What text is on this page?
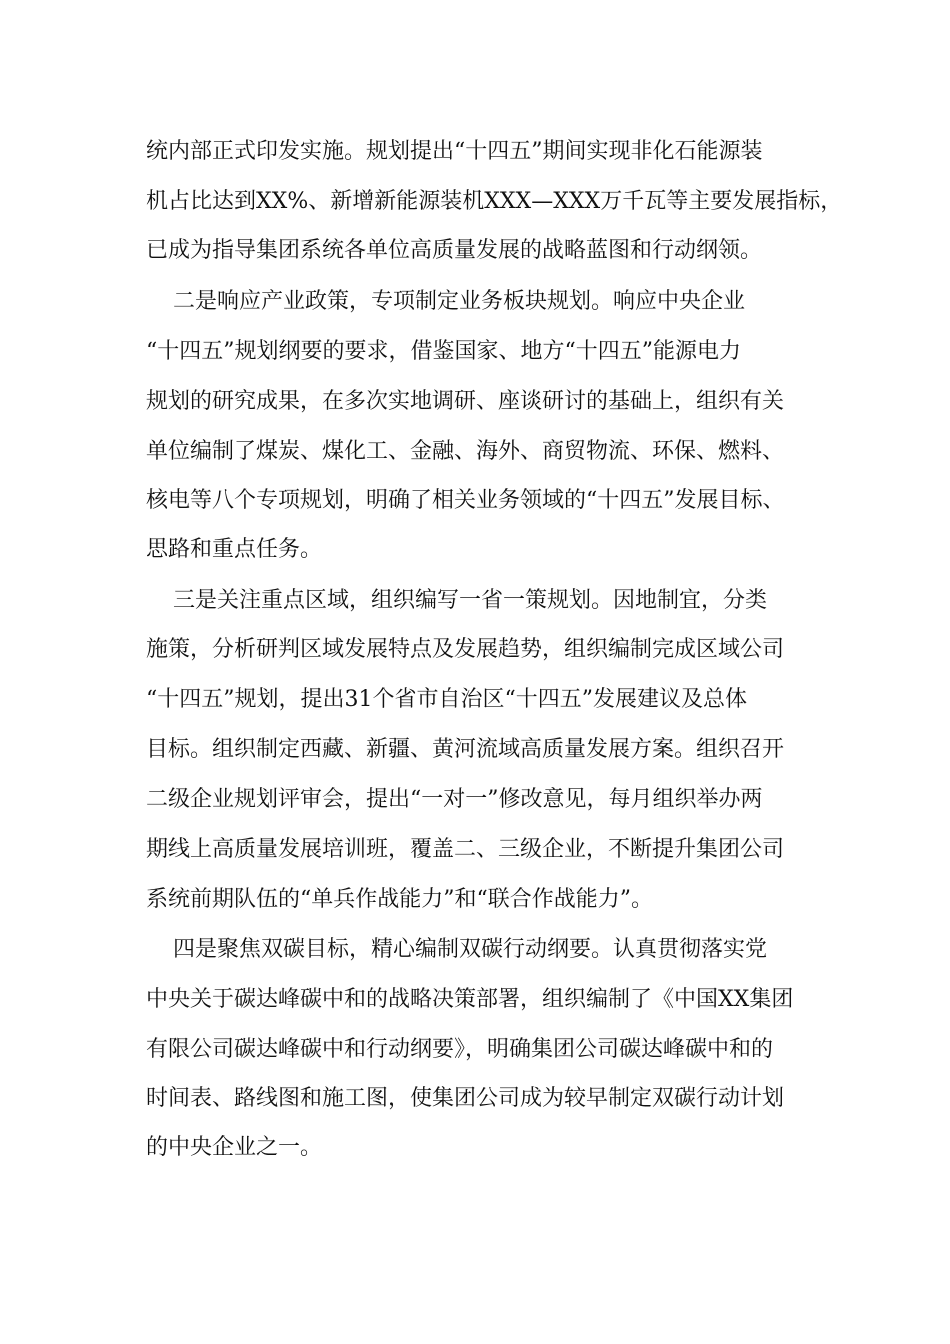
统内部正式印发实施。规划提出“十四五”期间实现非化石能源装
机占比达到XX%、新增新能源装机XXX—XXX万千瓦等主要发展指标，
已成为指导集团系统各单位高质量发展的战略蓝图和行动纲领。
二是响应产业政策，专项制定业务板块规划。响应中央企业
“十四五”规划纲要的要求，借鉴国家、地方“十四五”能源电力
规划的研究成果，在多次实地调研、座谈研讨的基础上，组织有关
单位编制了煤炭、煤化工、金融、海外、商贸物流、环保、燃料、
核电等八个专项规划，明确了相关业务领域的“十四五”发展目标、
思路和重点任务。
三是关注重点区域，组织编写一省一策规划。因地制宜，分类
施策，分析研判区域发展特点及发展趋势，组织编制完成区域公司
“十四五”规划，提出31个省市自治区“十四五”发展建议及总体
目标。组织制定西藏、新疆、黄河流域高质量发展方案。组织召开
二级企业规划评审会，提出“一对一”修改意见，每月组织举办两
期线上高质量发展培训班，覆盖二、三级企业，不断提升集团公司
系统前期队伍的“单兵作战能力”和“联合作战能力”。
四是聚焦双碳目标，精心编制双碳行动纲要。认真贯彻落实党
中央关于碳达峰碳中和的战略决策部署，组织编制了《中国XX集团
有限公司碳达峰碳中和行动纲要》，明确集团公司碳达峰碳中和的
时间表、路线图和施工图，使集团公司成为较早制定双碳行动计划
的中央企业之一。
